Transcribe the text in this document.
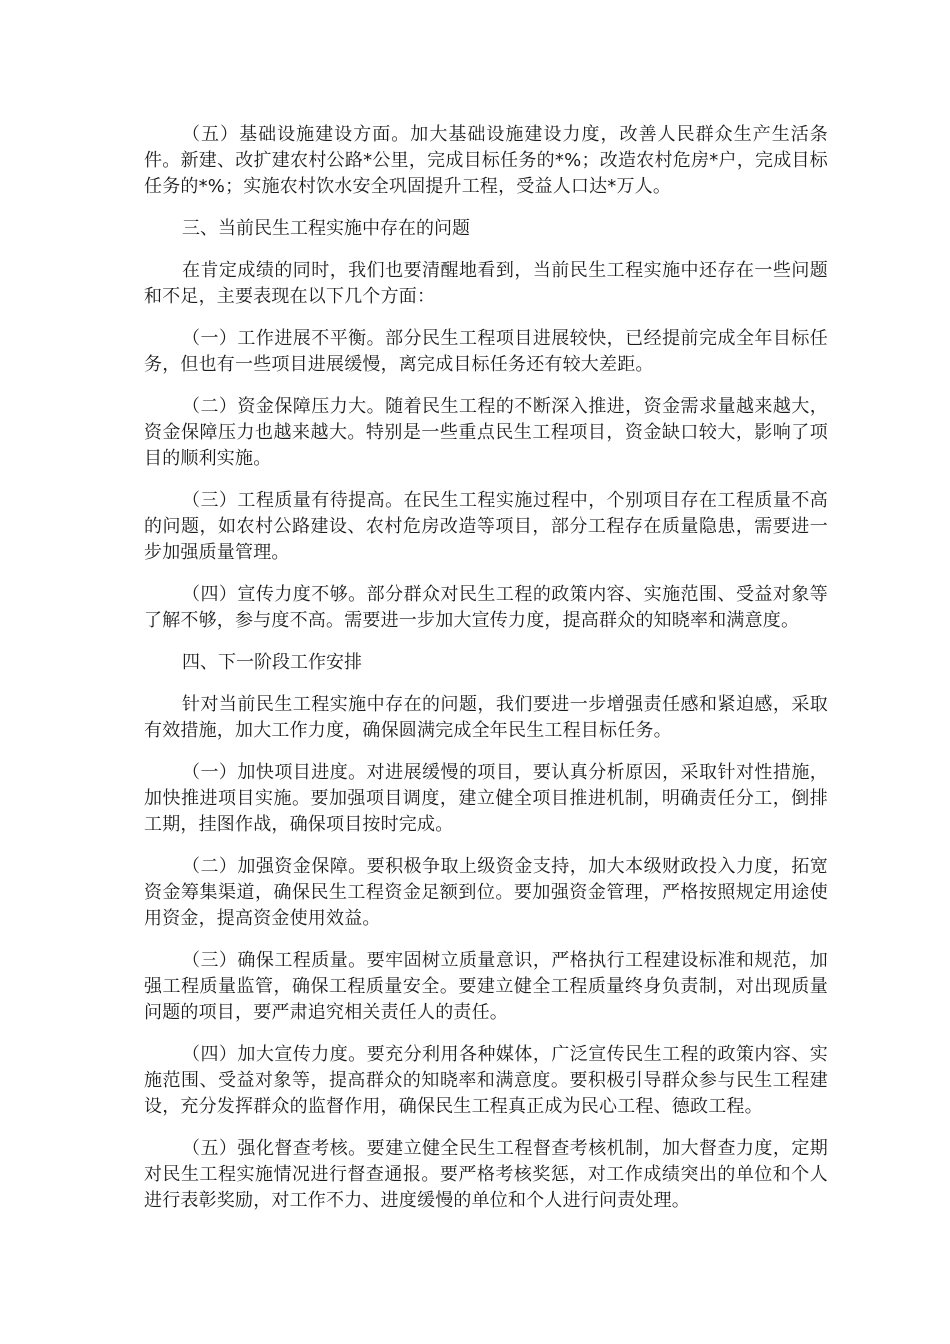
（五）基础设施建设方面。加大基础设施建设力度，改善人民群众生产生活条件。新建、改扩建农村公路*公里，完成目标任务的*%；改造农村危房*户，完成目标任务的*%；实施农村饮水安全巩固提升工程，受益人口达*万人。

三、当前民生工程实施中存在的问题

在肯定成绩的同时，我们也要清醒地看到，当前民生工程实施中还存在一些问题和不足，主要表现在以下几个方面：

（一）工作进展不平衡。部分民生工程项目进展较快，已经提前完成全年目标任务，但也有一些项目进展缓慢，离完成目标任务还有较大差距。

（二）资金保障压力大。随着民生工程的不断深入推进，资金需求量越来越大，资金保障压力也越来越大。特别是一些重点民生工程项目，资金缺口较大，影响了项目的顺利实施。

（三）工程质量有待提高。在民生工程实施过程中，个别项目存在工程质量不高的问题，如农村公路建设、农村危房改造等项目，部分工程存在质量隐患，需要进一步加强质量管理。

（四）宣传力度不够。部分群众对民生工程的政策内容、实施范围、受益对象等了解不够，参与度不高。需要进一步加大宣传力度，提高群众的知晓率和满意度。

四、下一阶段工作安排

针对当前民生工程实施中存在的问题，我们要进一步增强责任感和紧迫感，采取有效措施，加大工作力度，确保圆满完成全年民生工程目标任务。

（一）加快项目进度。对进展缓慢的项目，要认真分析原因，采取针对性措施，加快推进项目实施。要加强项目调度，建立健全项目推进机制，明确责任分工，倒排工期，挂图作战，确保项目按时完成。

（二）加强资金保障。要积极争取上级资金支持，加大本级财政投入力度，拓宽资金筹集渠道，确保民生工程资金足额到位。要加强资金管理，严格按照规定用途使用资金，提高资金使用效益。

（三）确保工程质量。要牢固树立质量意识，严格执行工程建设标准和规范，加强工程质量监管，确保工程质量安全。要建立健全工程质量终身负责制，对出现质量问题的项目，要严肃追究相关责任人的责任。

（四）加大宣传力度。要充分利用各种媒体，广泛宣传民生工程的政策内容、实施范围、受益对象等，提高群众的知晓率和满意度。要积极引导群众参与民生工程建设，充分发挥群众的监督作用，确保民生工程真正成为民心工程、德政工程。

（五）强化督查考核。要建立健全民生工程督查考核机制，加大督查力度，定期对民生工程实施情况进行督查通报。要严格考核奖惩，对工作成绩突出的单位和个人进行表彰奖励，对工作不力、进度缓慢的单位和个人进行问责处理。
